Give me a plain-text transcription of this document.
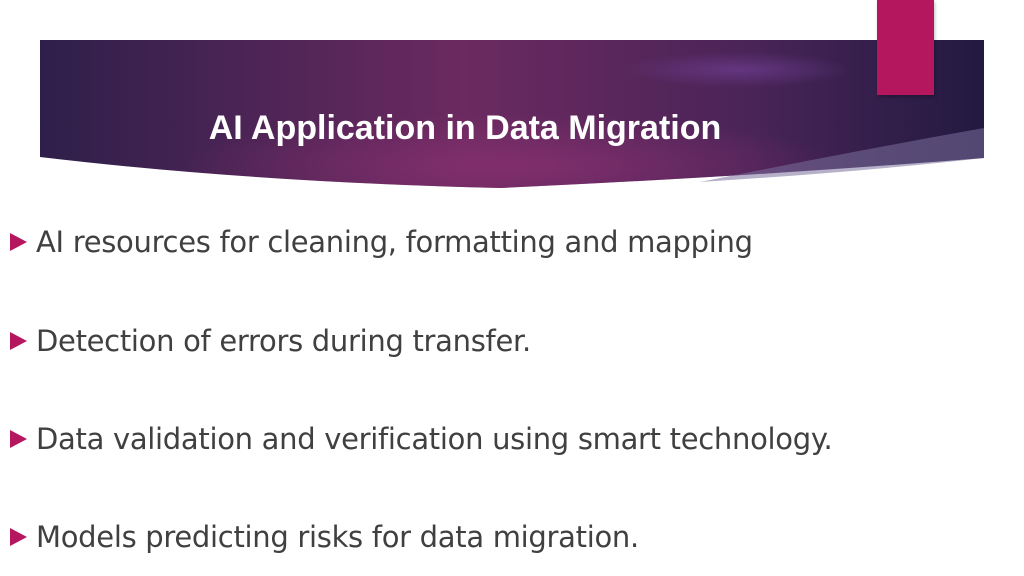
AI Application in Data Migration
AI resources for cleaning, formatting and mapping
Detection of errors during transfer.
Data validation and verification using smart technology.
Models predicting risks for data migration.
